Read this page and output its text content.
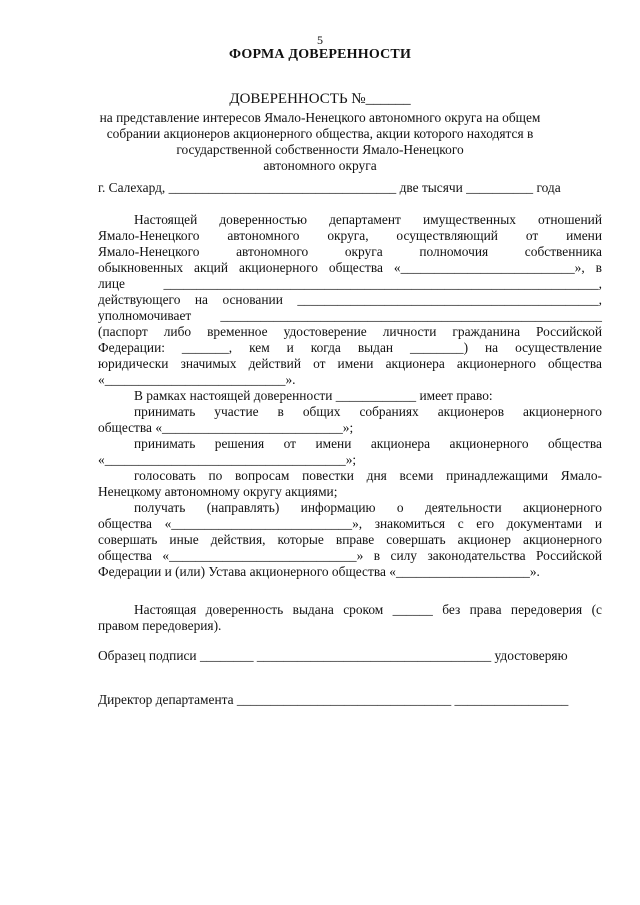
5
ФОРМА ДОВЕРЕННОСТИ
ДОВЕРЕННОСТЬ №______
на представление интересов Ямало-Ненецкого автономного округа на общем
собрании акционеров акционерного общества, акции которого находятся в
государственной собственности Ямало-Ненецкого
автономного округа
г. Салехард, __________________________________ две тысячи __________ года
Настоящей доверенностью департамент имущественных отношений
Ямало-Ненецкого автономного округа, осуществляющий от имени
Ямало-Ненецкого автономного округа полномочия собственника
обыкновенных акций акционерного общества «__________________________», в
лице _________________________________________________________________,
действующего на основании _____________________________________________,
уполномочивает _________________________________________________________
(паспорт либо временное удостоверение личности гражданина Российской
Федерации: _______, кем и когда выдан ________) на осуществление
юридически значимых действий от имени акционера акционерного общества
«___________________________».
В рамках настоящей доверенности ____________ имеет право:
принимать участие в общих собраниях акционеров акционерного
общества «___________________________»;
принимать решения от имени акционера акционерного общества
«____________________________________»;
голосовать по вопросам повестки дня всеми принадлежащими Ямало-
Ненецкому автономному округу акциями;
получать (направлять) информацию о деятельности акционерного
общества «___________________________», знакомиться с его документами и
совершать иные действия, которые вправе совершать акционер акционерного
общества «____________________________» в силу законодательства Российской
Федерации и (или) Устава акционерного общества «____________________».
Настоящая доверенность выдана сроком ______ без права передоверия (с
правом передоверия).
Образец подписи ________ ___________________________________ удостоверяю
Директор департамента ________________________________ _________________
